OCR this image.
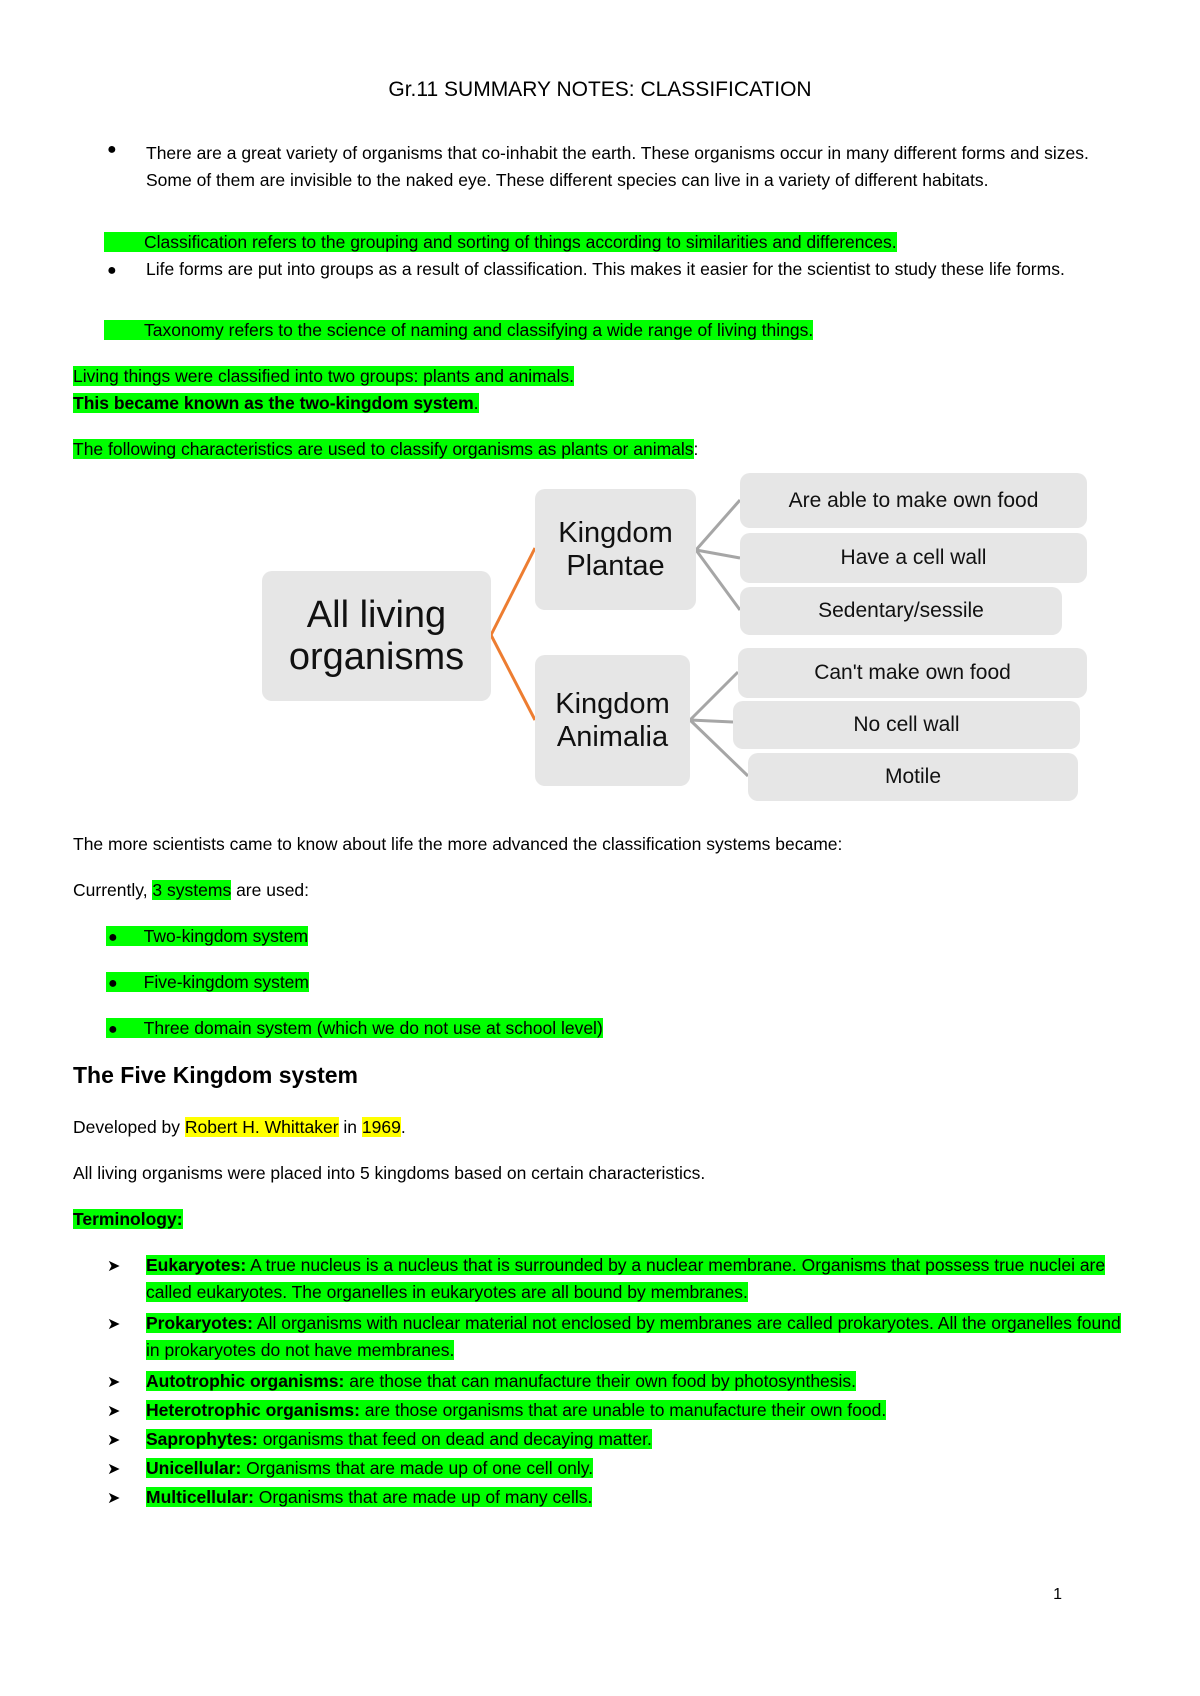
Gr.11 SUMMARY NOTES: CLASSIFICATION
● There are a great variety of organisms that co-inhabit the earth. These organisms occur in many different forms and sizes. Some of them are invisible to the naked eye. These different species can live in a variety of different habitats.
Classification refers to the grouping and sorting of things according to similarities and differences.
● Life forms are put into groups as a result of classification. This makes it easier for the scientist to study these life forms.
Taxonomy refers to the science of naming and classifying a wide range of living things.
Living things were classified into two groups: plants and animals.
This became known as the two-kingdom system.
The following characteristics are used to classify organisms as plants or animals:
All living organisms
Kingdom Plantae
Kingdom Animalia
Are able to make own food
Have a cell wall
Sedentary/sessile
Can't make own food
No cell wall
Motile
The more scientists came to know about life the more advanced the classification systems became:
Currently, 3 systems are used:
● Two-kingdom system
● Five-kingdom system
● Three domain system (which we do not use at school level)
The Five Kingdom system
Developed by Robert H. Whittaker in 1969.
All living organisms were placed into 5 kingdoms based on certain characteristics.
Terminology:
➤ Eukaryotes: A true nucleus is a nucleus that is surrounded by a nuclear membrane. Organisms that possess true nuclei are called eukaryotes. The organelles in eukaryotes are all bound by membranes.
➤ Prokaryotes: All organisms with nuclear material not enclosed by membranes are called prokaryotes. All the organelles found in prokaryotes do not have membranes.
➤ Autotrophic organisms: are those that can manufacture their own food by photosynthesis.
➤ Heterotrophic organisms: are those organisms that are unable to manufacture their own food.
➤ Saprophytes: organisms that feed on dead and decaying matter.
➤ Unicellular: Organisms that are made up of one cell only.
➤ Multicellular: Organisms that are made up of many cells.
1
